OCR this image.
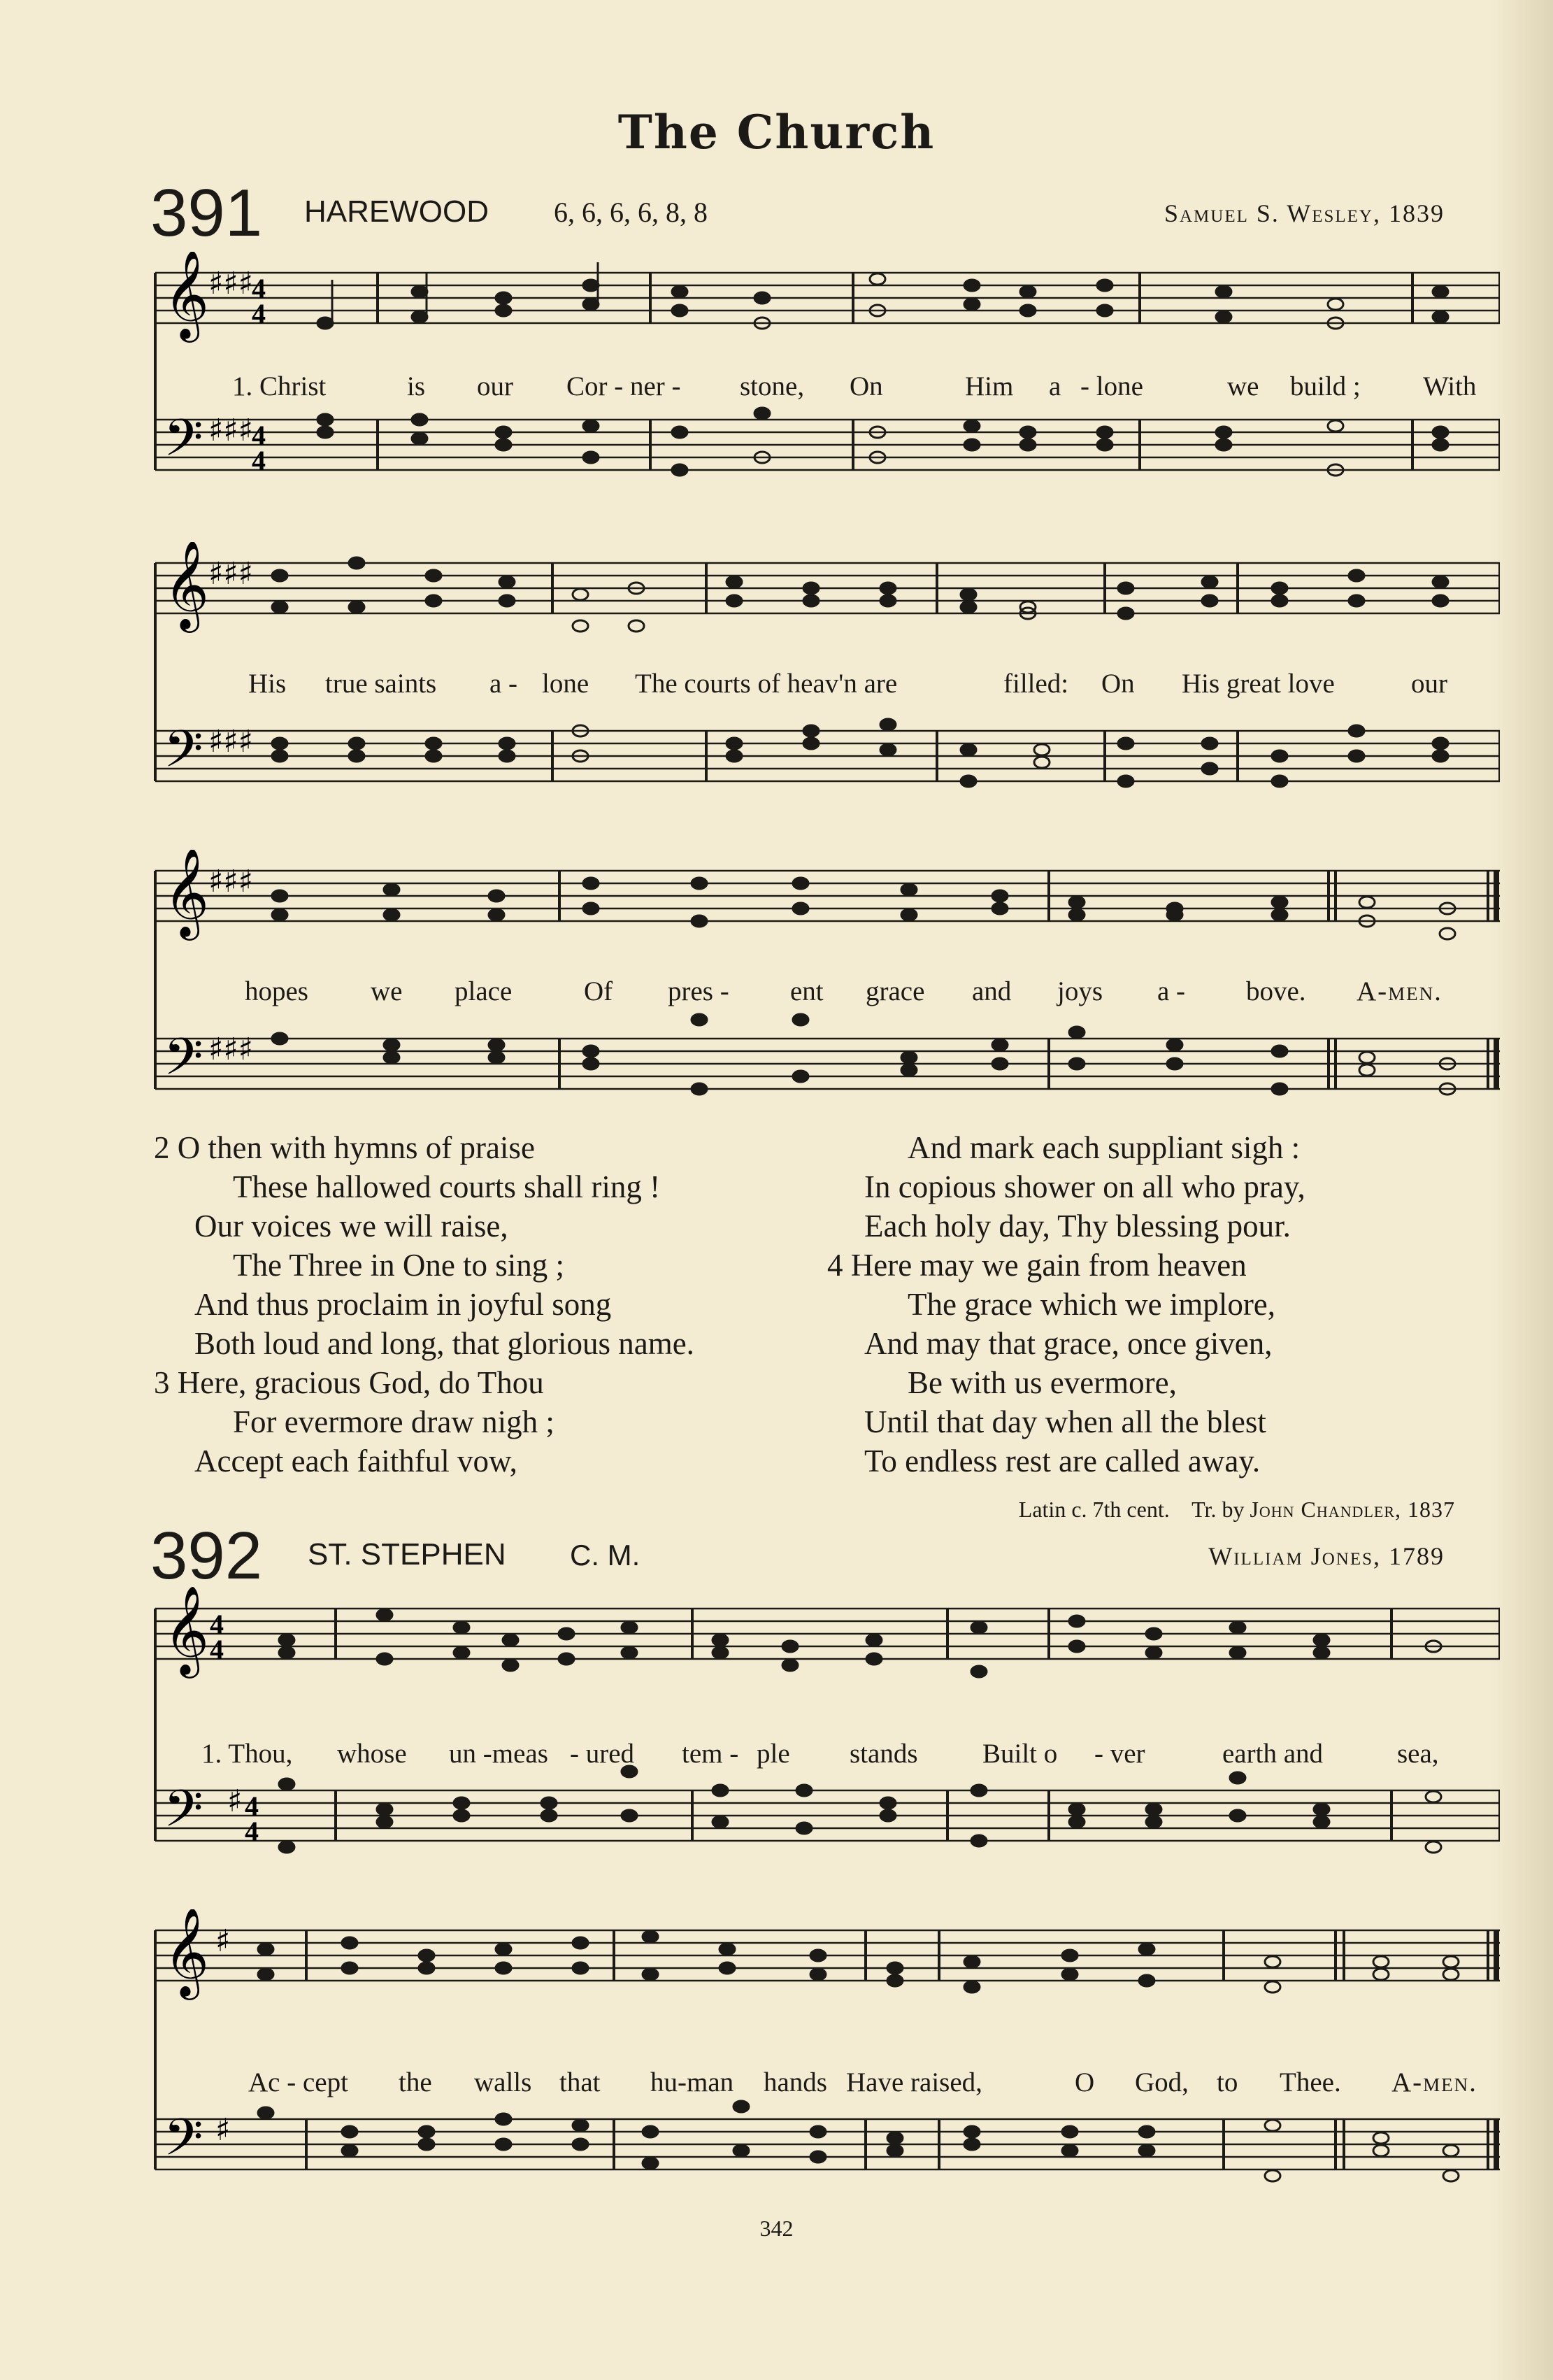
The Church
391 HAREWOOD 6, 6, 6, 6, 8, 8	Samuel S. Wesley, 1839
𝄞
𝄢
♯♯♯
♯♯♯
4
4
4
4
1. Christ	is our Cor - ner - stone, On	Him a - lone	we build ; With
𝄞
𝄢
♯♯♯
♯♯♯
His true saints a - lone The courts of heav'n are	filled: On His great love	our
𝄞
𝄢
♯♯♯
♯♯♯
hopes we place	Of pres - ent grace and joys a - bove. A-men.
2 O then with hymns of praise
These hallowed courts shall ring !
Our voices we will raise,
The Three in One to sing ;
And thus proclaim in joyful song
Both loud and long, that glorious name.
3 Here, gracious God, do Thou
For evermore draw nigh ;
Accept each faithful vow,
And mark each suppliant sigh :
In copious shower on all who pray,
Each holy day, Thy blessing pour.
4 Here may we gain from heaven
The grace which we implore,
And may that grace, once given,
Be with us evermore,
Until that day when all the blest
To endless rest are called away.
Latin c. 7th cent. Tr. by John Chandler, 1837
392 ST. STEPHEN C. M.	William Jones, 1789
𝄞
𝄢
4
4
♯ 4
4
1. Thou, whose un -meas - ured tem - ple stands Built o - ver	earth and	sea,
𝄞
𝄢
♯
♯
Ac - cept the walls that hu-man hands Have raised,	O God, to Thee. A-men.
342
